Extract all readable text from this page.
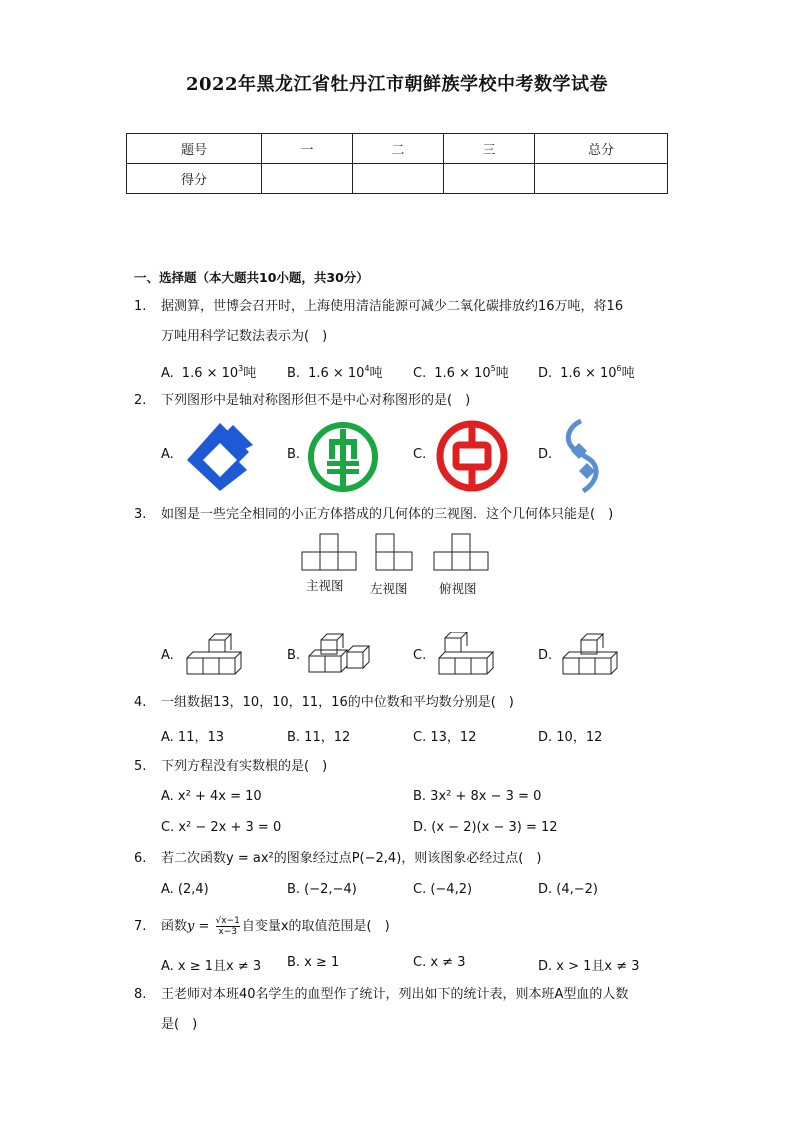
2022年黑龙江省牡丹江市朝鲜族学校中考数学试卷
题号	一	二	三	总分
得分				
一、选择题（本大题共10小题，共30分）
1. 据测算，世博会召开时，上海使用清洁能源可减少二氧化碳排放约16万吨，将16
万吨用科学记数法表示为(　)
A. $1.6 \times 10^3$吨 B. $1.6 \times 10^4$吨 C. $1.6 \times 10^5$吨 D. $1.6 \times 10^6$吨
2. 下列图形中是轴对称图形但不是中心对称图形的是(　)
A.	B.	C.	D.
3. 如图是一些完全相同的小正方体搭成的几何体的三视图．这个几何体只能是(　)
主视图 左视图	俯视图
A.	B.	C.	D.
4. 一组数据13，10，10，11，16的中位数和平均数分别是(　)
A. 11，13	B. 11，12	C. 13，12	D. 10，12
5. 下列方程没有实数根的是(　)
A. x² + 4x = 10	B. 3x² + 8x − 3 = 0
C. x² − 2x + 3 = 0	D. (x − 2)(x − 3) = 12
6. 若二次函数y = ax²的图象经过点P(−2,4)，则该图象必经过点(　)
A. (2,4)	B. (−2,−4)	C. (−4,2)	D. (4,−2)
7. 函数$y = \frac{√x-1}{x-3}$ 自变量x的取值范围是(　)
A. x ≥ 1且x ≠ 3 B. x ≥ 1	C. x ≠ 3	D. x > 1且x ≠ 3
8. 王老师对本班40名学生的血型作了统计，列出如下的统计表，则本班A型血的人数
是(　)
